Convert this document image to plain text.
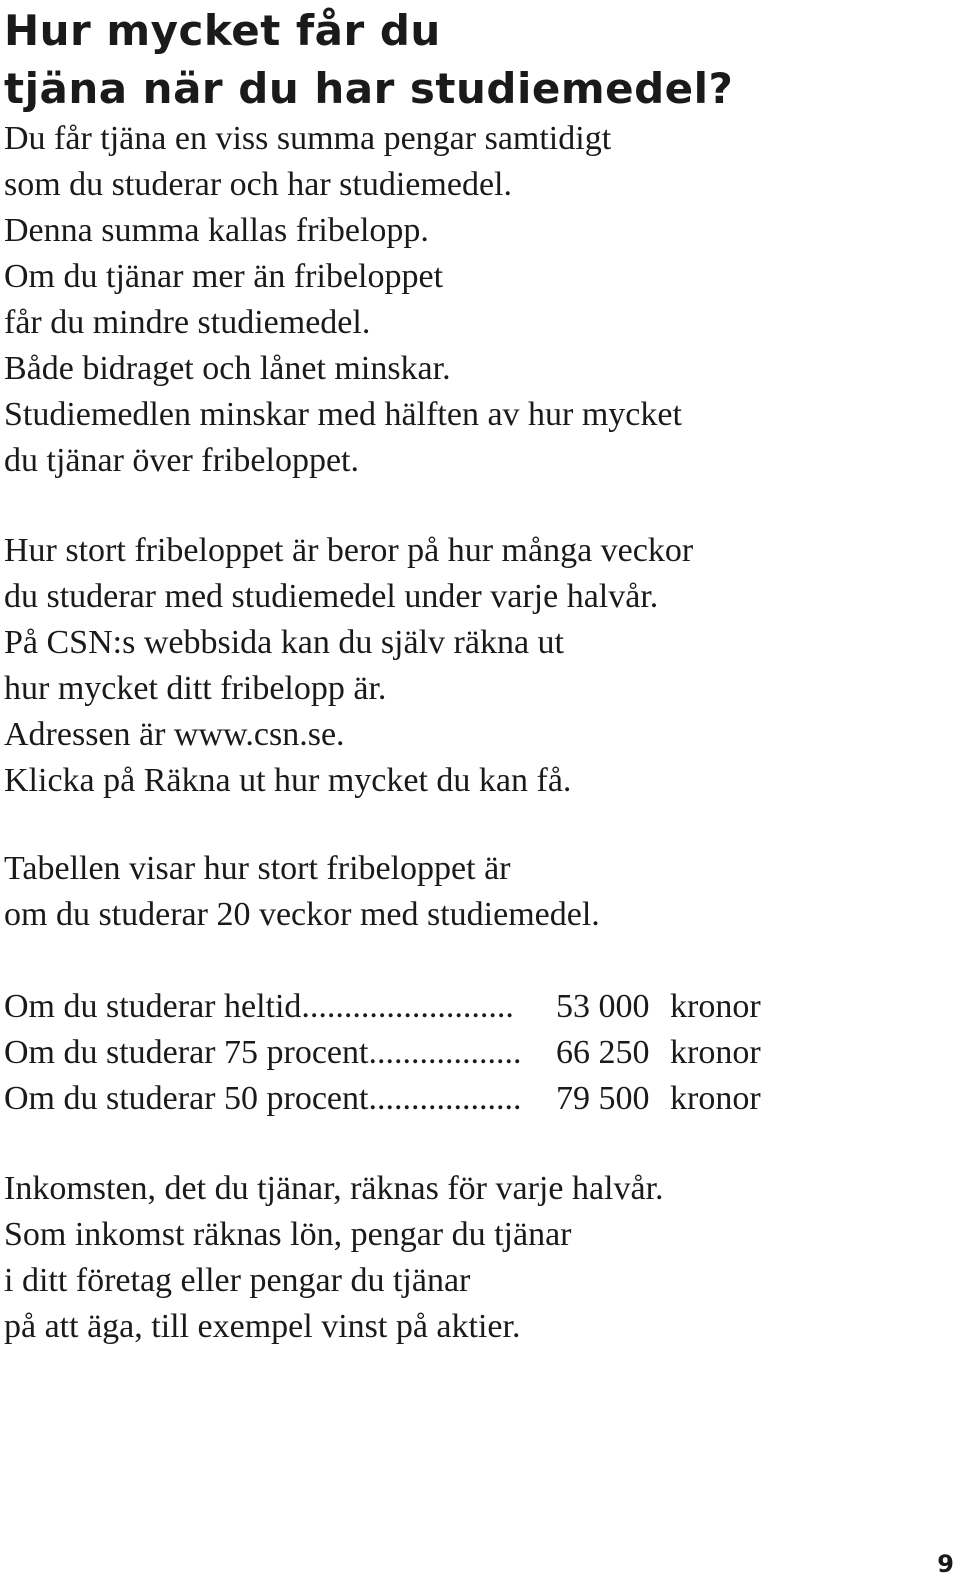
Hur mycket får du
tjäna när du har studiemedel?
Du får tjäna en viss summa pengar samtidigt
som du studerar och har studiemedel.
Denna summa kallas fribelopp.
Om du tjänar mer än fribeloppet
får du mindre studiemedel.
Både bidraget och lånet minskar.
Studiemedlen minskar med hälften av hur mycket
du tjänar över fribeloppet.
Hur stort fribeloppet är beror på hur många veckor
du studerar med studiemedel under varje halvår.
På CSN:s webbsida kan du själv räkna ut
hur mycket ditt fribelopp är.
Adressen är www.csn.se.
Klicka på Räkna ut hur mycket du kan få.
Tabellen visar hur stort fribeloppet är
om du studerar 20 veckor med studiemedel.
Om du studerar heltid.........................	53 000 kronor
Om du studerar 75 procent..................	66 250 kronor
Om du studerar 50 procent..................	79 500 kronor
Inkomsten, det du tjänar, räknas för varje halvår.
Som inkomst räknas lön, pengar du tjänar
i ditt företag eller pengar du tjänar
på att äga, till exempel vinst på aktier.
9
